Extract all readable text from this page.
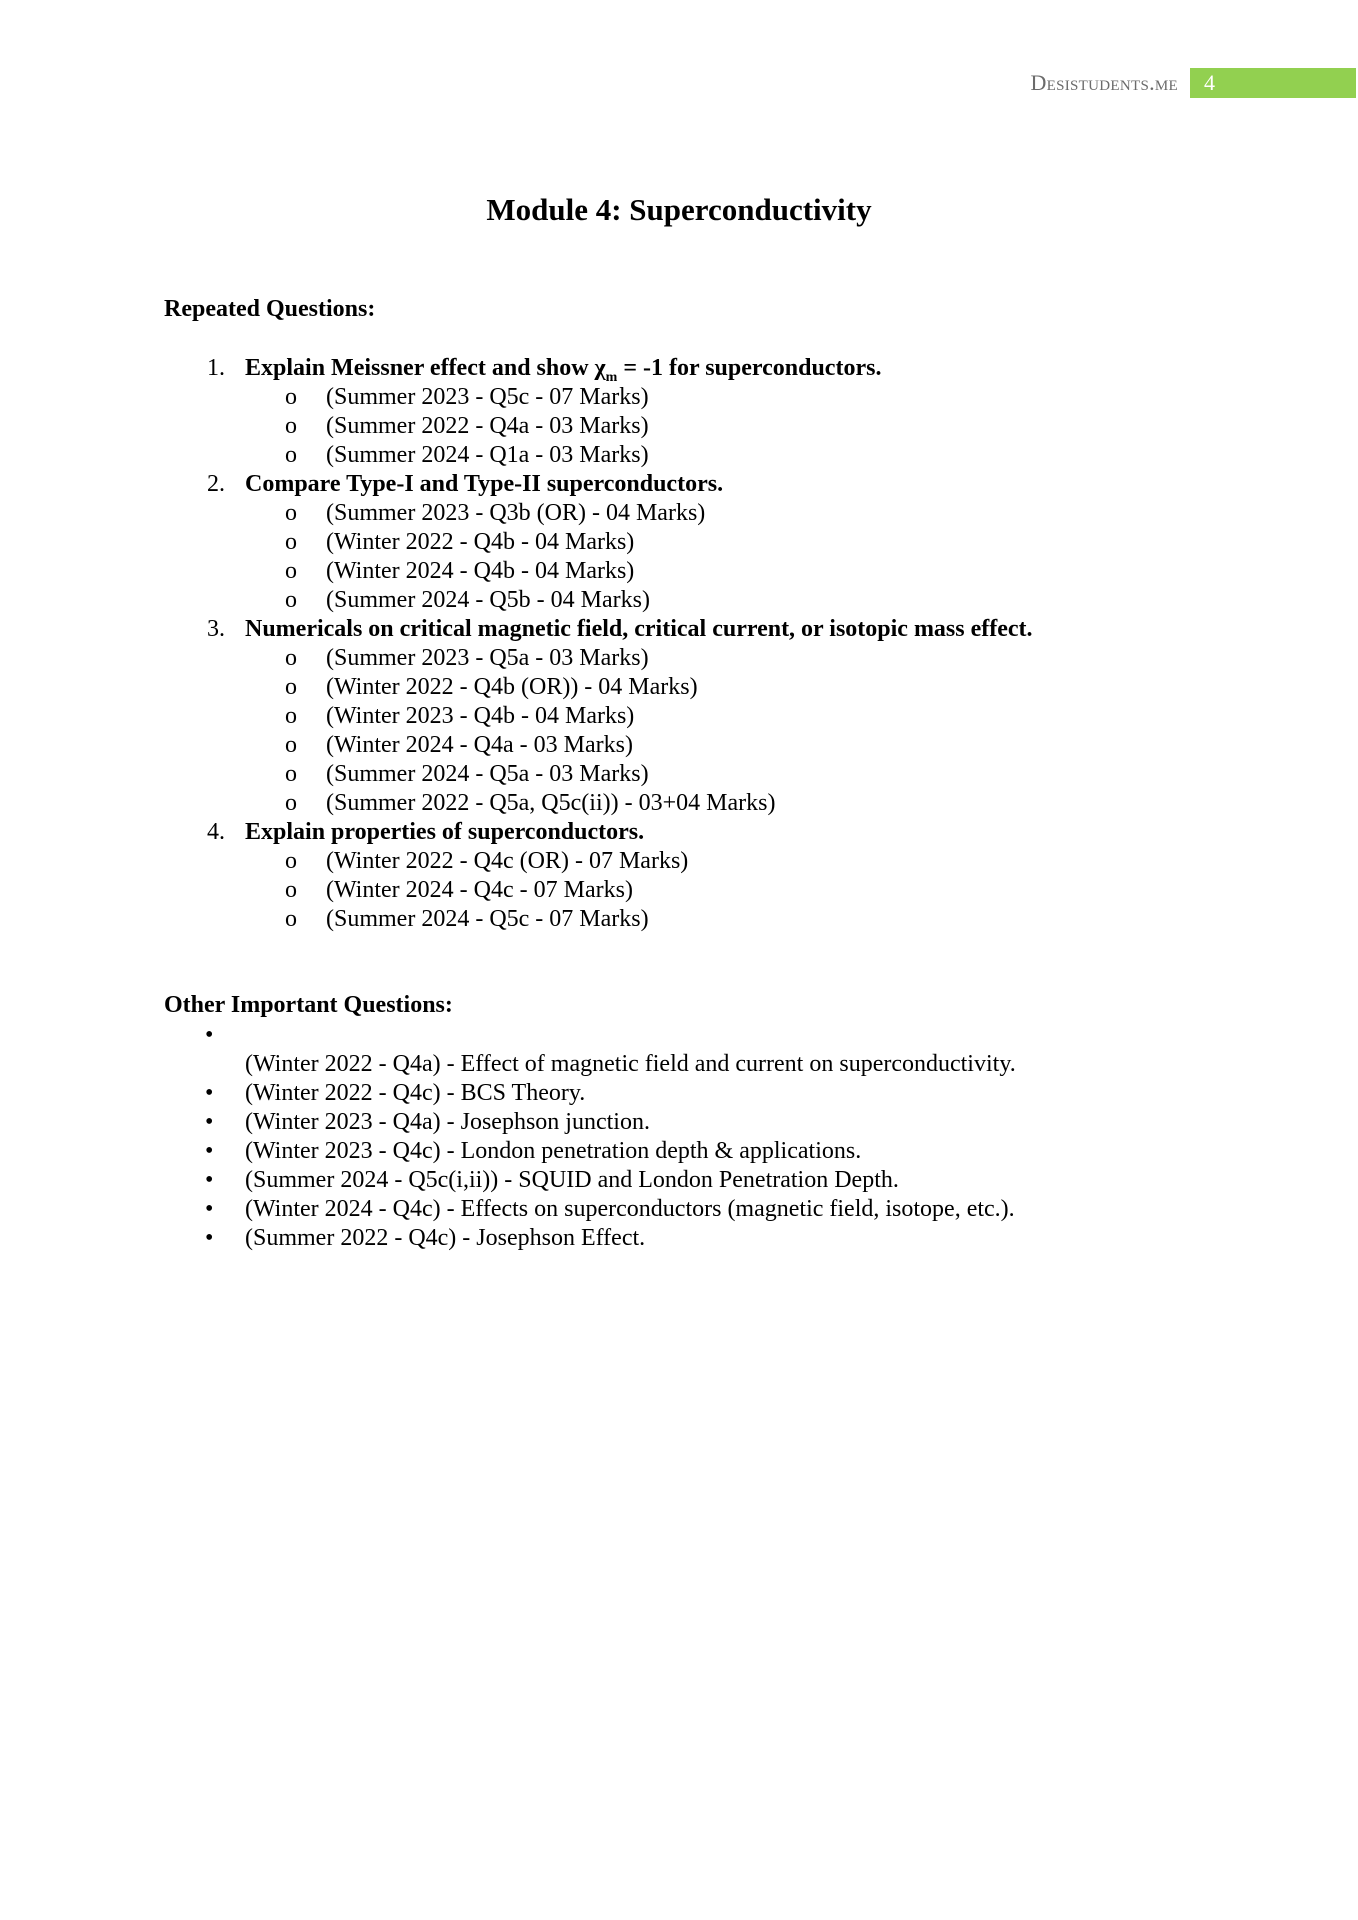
Desistudents.me	4
Module 4: Superconductivity
Repeated Questions:
1. Explain Meissner effect and show $\chi_m = -1$ for superconductors.
o (Summer 2023 - Q5c - 07 Marks)
o (Summer 2022 - Q4a - 03 Marks)
o (Summer 2024 - Q1a - 03 Marks)
2. Compare Type-I and Type-II superconductors.
o (Summer 2023 - Q3b (OR) - 04 Marks)
o (Winter 2022 - Q4b - 04 Marks)
o (Winter 2024 - Q4b - 04 Marks)
o (Summer 2024 - Q5b - 04 Marks)
3. Numericals on critical magnetic field, critical current, or isotopic mass effect.
o (Summer 2023 - Q5a - 03 Marks)
o (Winter 2022 - Q4b (OR)) - 04 Marks)
o (Winter 2023 - Q4b - 04 Marks)
o (Winter 2024 - Q4a - 03 Marks)
o (Summer 2024 - Q5a - 03 Marks)
o (Summer 2022 - Q5a, Q5c(ii)) - 03+04 Marks)
4. Explain properties of superconductors.
o (Winter 2022 - Q4c (OR) - 07 Marks)
o (Winter 2024 - Q4c - 07 Marks)
o (Summer 2024 - Q5c - 07 Marks)
Other Important Questions:
•
(Winter 2022 - Q4a) - Effect of magnetic field and current on superconductivity.
• (Winter 2022 - Q4c) - BCS Theory.
• (Winter 2023 - Q4a) - Josephson junction.
• (Winter 2023 - Q4c) - London penetration depth & applications.
• (Summer 2024 - Q5c(i,ii)) - SQUID and London Penetration Depth.
• (Winter 2024 - Q4c) - Effects on superconductors (magnetic field, isotope, etc.).
• (Summer 2022 - Q4c) - Josephson Effect.
